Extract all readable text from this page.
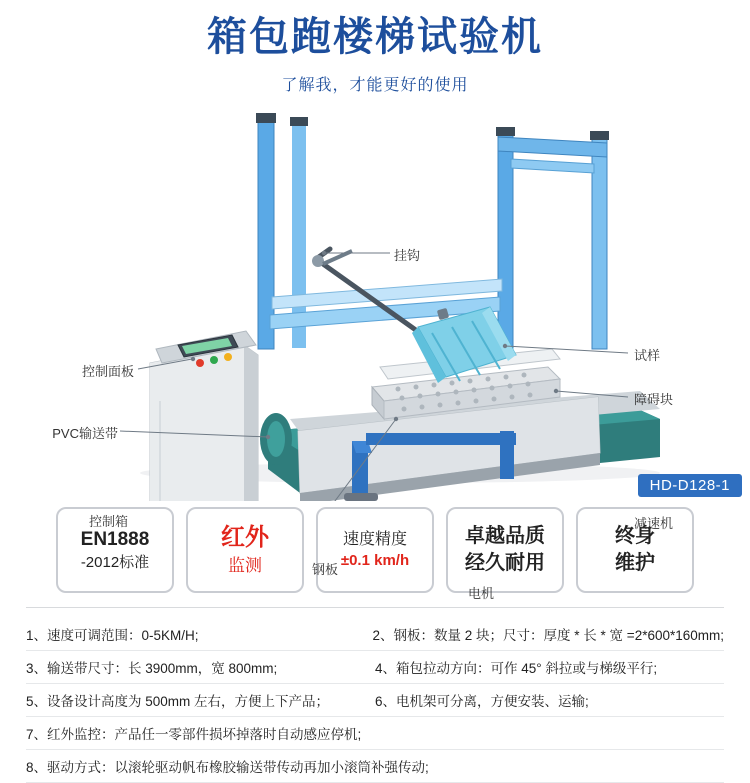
箱包跑楼梯试验机
了解我，才能更好的使用
挂钩
试样
障碍块
减速机
控制面板
PVC输送带
控制箱
钢板
电机
HD-D128-1
EN1888
-2012标准
红外
监测
速度精度
±0.1 km/h
卓越品质
经久耐用
终身
维护
1、速度可调范围：0-5KM/H;	2、钢板：数量 2 块；尺寸：厚度 * 长 * 宽 =2*600*160mm;
3、输送带尺寸：长 3900mm，宽 800mm;	4、箱包拉动方向：可作 45° 斜拉或与梯级平行;
5、设备设计高度为 500mm 左右，方便上下产品；	6、电机架可分离，方便安装、运输;
7、红外监控：产品任一零部件损坏掉落时自动感应停机;
8、驱动方式：以滚轮驱动帆布橡胶输送带传动再加小滚筒补强传动;
